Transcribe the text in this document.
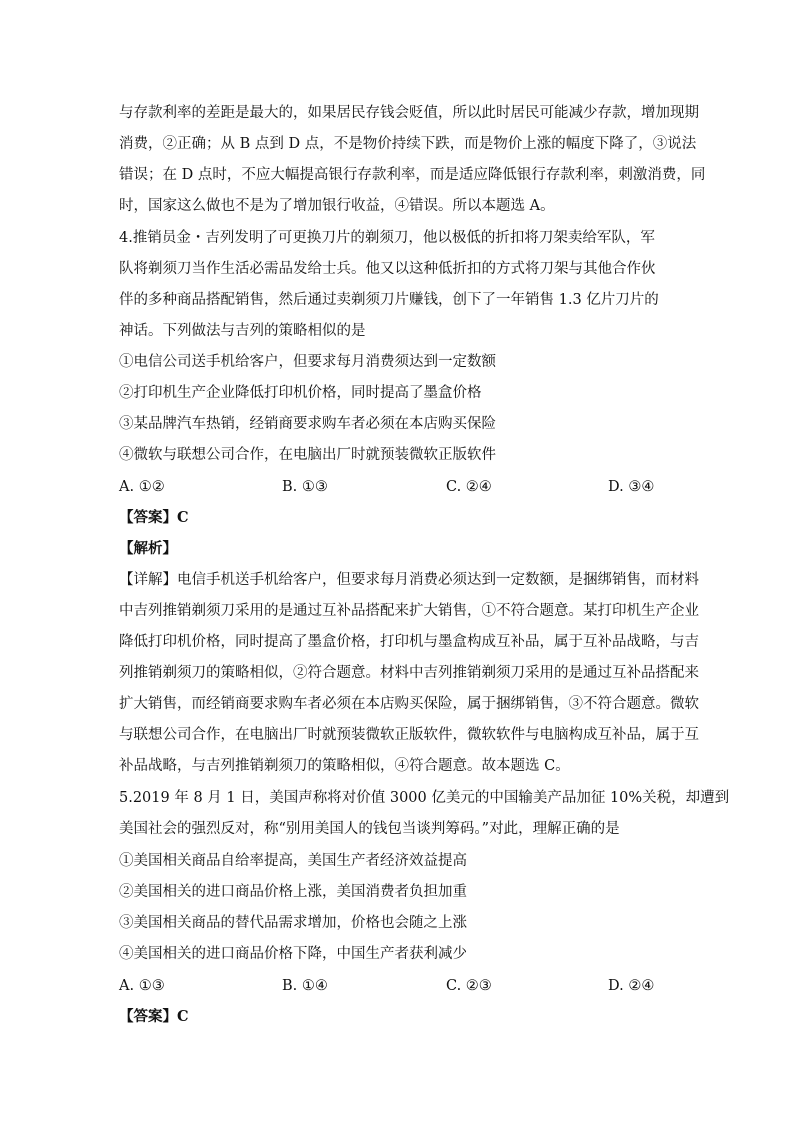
与存款利率的差距是最大的，如果居民存钱会贬值，所以此时居民可能减少存款，增加现期
消费，②正确；从 B 点到 D 点，不是物价持续下跌，而是物价上涨的幅度下降了，③说法
错误；在 D 点时，不应大幅提高银行存款利率，而是适应降低银行存款利率，刺激消费，同
时，国家这么做也不是为了增加银行收益，④错误。所以本题选 A。
4.推销员金・吉列发明了可更换刀片的剃须刀，他以极低的折扣将刀架卖给军队，军
队将剃须刀当作生活必需品发给士兵。他又以这种低折扣的方式将刀架与其他合作伙
伴的多种商品搭配销售，然后通过卖剃须刀片赚钱，创下了一年销售 1.3 亿片刀片的
神话。下列做法与吉列的策略相似的是
①电信公司送手机给客户，但要求每月消费须达到一定数额
②打印机生产企业降低打印机价格，同时提高了墨盒价格
③某品牌汽车热销，经销商要求购车者必须在本店购买保险
④微软与联想公司合作，在电脑出厂时就预装微软正版软件
A. ①②	B. ①③	C. ②④	D. ③④
【答案】C
【解析】
【详解】电信手机送手机给客户，但要求每月消费必须达到一定数额，是捆绑销售，而材料
中吉列推销剃须刀采用的是通过互补品搭配来扩大销售，①不符合题意。某打印机生产企业
降低打印机价格，同时提高了墨盒价格，打印机与墨盒构成互补品，属于互补品战略，与吉
列推销剃须刀的策略相似，②符合题意。材料中吉列推销剃须刀采用的是通过互补品搭配来
扩大销售，而经销商要求购车者必须在本店购买保险，属于捆绑销售，③不符合题意。微软
与联想公司合作，在电脑出厂时就预装微软正版软件，微软软件与电脑构成互补品，属于互
补品战略，与吉列推销剃须刀的策略相似，④符合题意。故本题选 C。
5.2019 年 8 月 1 日，美国声称将对价值 3000 亿美元的中国输美产品加征 10%关税，却遭到
美国社会的强烈反对，称“别用美国人的钱包当谈判筹码。”对此，理解正确的是
①美国相关商品自给率提高，美国生产者经济效益提高
②美国相关的进口商品价格上涨，美国消费者负担加重
③美国相关商品的替代品需求增加，价格也会随之上涨
④美国相关的进口商品价格下降，中国生产者获利减少
A. ①③	B. ①④	C. ②③	D. ②④
【答案】C
